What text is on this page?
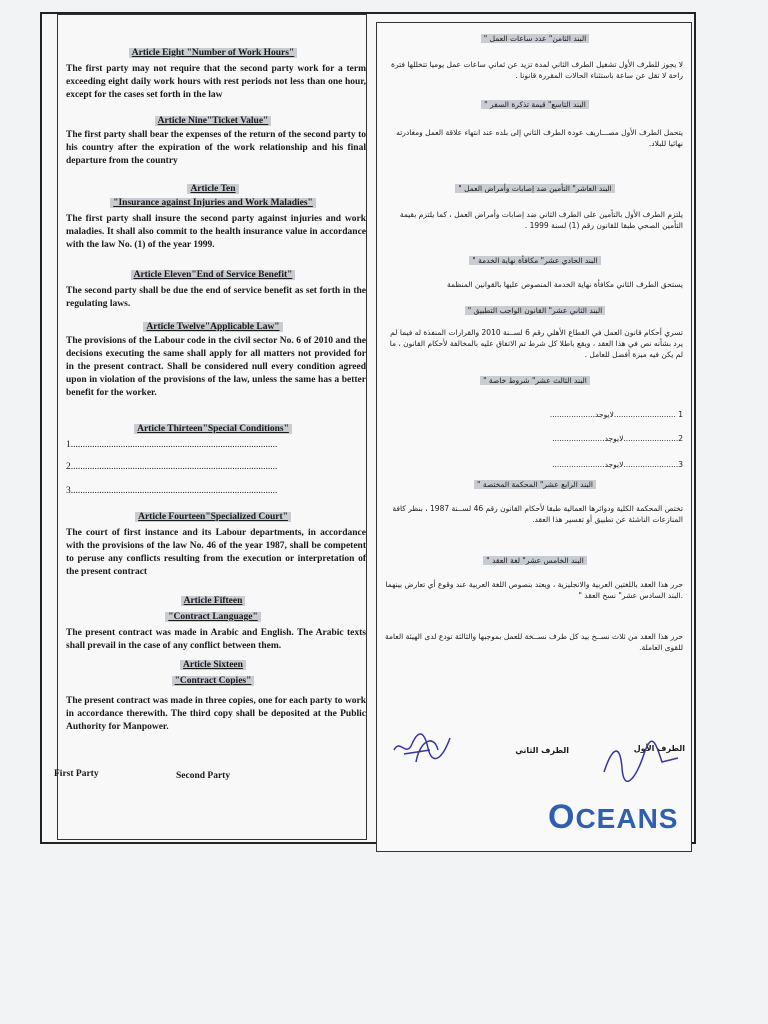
Article Eight "Number of Work Hours"
The first party may not require that the second party work for a term exceeding eight daily work hours with rest periods not less than one hour, except for the cases set forth in the law
Article Nine"Ticket Value"
The first party shall bear the expenses of the return of the second party to his country after the expiration of the work relationship and his final departure from the country
Article Ten
"Insurance against Injuries and Work Maladies"
The first party shall insure the second party against injuries and work maladies. It shall also commit to the health insurance value in accordance with the law No. (1) of the year 1999.
Article Eleven"End of Service Benefit"
The second party shall be due the end of service benefit as set forth in the regulating laws.
Article Twelve"Applicable Law"
The provisions of the Labour code in the civil sector No. 6 of 2010 and the decisions executing the same shall apply for all matters not provided for in the present contract. Shall be considered null every condition agreed upon in violation of the provisions of the law, unless the same has a better benefit for the worker.
Article Thirteen"Special Conditions"
1.......................................................................................
2.......................................................................................
3.......................................................................................
Article Fourteen"Specialized Court"
The court of first instance and its Labour departments, in accordance with the provisions of the law No. 46 of the year 1987, shall be competent to peruse any conflicts resulting from the execution or interpretation of the present contract
Article Fifteen
"Contract Language"
The present contract was made in Arabic and English. The Arabic texts shall prevail in the case of any conflict between them.
Article Sixteen
"Contract Copies"
The present contract was made in three copies, one for each party to work in accordance therewith. The third copy shall be deposited at the Public Authority for Manpower.
First Party	Second Party
البند الثامن" عدد ساعات العمل "
لا يجوز للطرف الأول تشغيل الطرف الثاني لمدة تزيد عن ثماني ساعات عمل يوميا تتخللها فترة راحة لا تقل عن ساعة باستثناء الحالات المقررة قانونا .
البند التاسع" قيمة تذكرة السفر "
يتحمل الطرف الأول مصـــاريف عودة الطرف الثاني إلى بلده عند انتهاء علاقة العمل ومغادرته نهائيا للبلاد.
البند العاشر" التأمين ضد إصابات وأمراض العمل "
يلتزم الطرف الأول بالتأمين على الطرف الثاني ضد إصابات وأمراض العمل ، كما يلتزم بقيمة التأمين الصحي طبقا للقانون رقم (1) لسنة 1999 .
البند الحادي عشر" مكافأة نهاية الخدمة "
يستحق الطرف الثاني مكافأة نهاية الخدمة المنصوص عليها بالقوانين المنظمة
البند الثاني عشر" القانون الواجب التطبيق "
تسري أحكام قانون العمل في القطاع الأهلي رقم 6 لســنة 2010 والقرارات المنفذة له فيما لم يرد بشأنه نص في هذا العقد ، ويقع باطلا كل شرط تم الاتفاق عليه بالمخالفة لأحكام القانون ، ما لم يكن فيه ميزة أفضل للعامل .
البند الثالث عشر" شروط خاصة "
1 ..........................لايوجد...................
2.......................لايوجد......................
3.......................لايوجد......................
البند الرابع عشر" المحكمة المختصة "
تختص المحكمة الكلية ودوائرها العمالية طبقا لأحكام القانون رقم 46 لســنة 1987 ، بنظر كافة المنازعات الناشئة عن تطبيق أو تفسير هذا العقد.
البند الخامس عشر" لغة العقد "
حرر هذا العقد باللغتين العربية والانجليزية ، ويعتد بنصوص اللغة العربية عند وقوع أي تعارض بينهما .البند السادس عشر" نسخ العقد "
حرر هذا العقد من ثلاث نســخ بيد كل طرف نســخة للعمل بموجبها والثالثة تودع لدى الهيئة العامة للقوى العاملة.
الطرف الأول
الطرف الثاني
OCEANS
